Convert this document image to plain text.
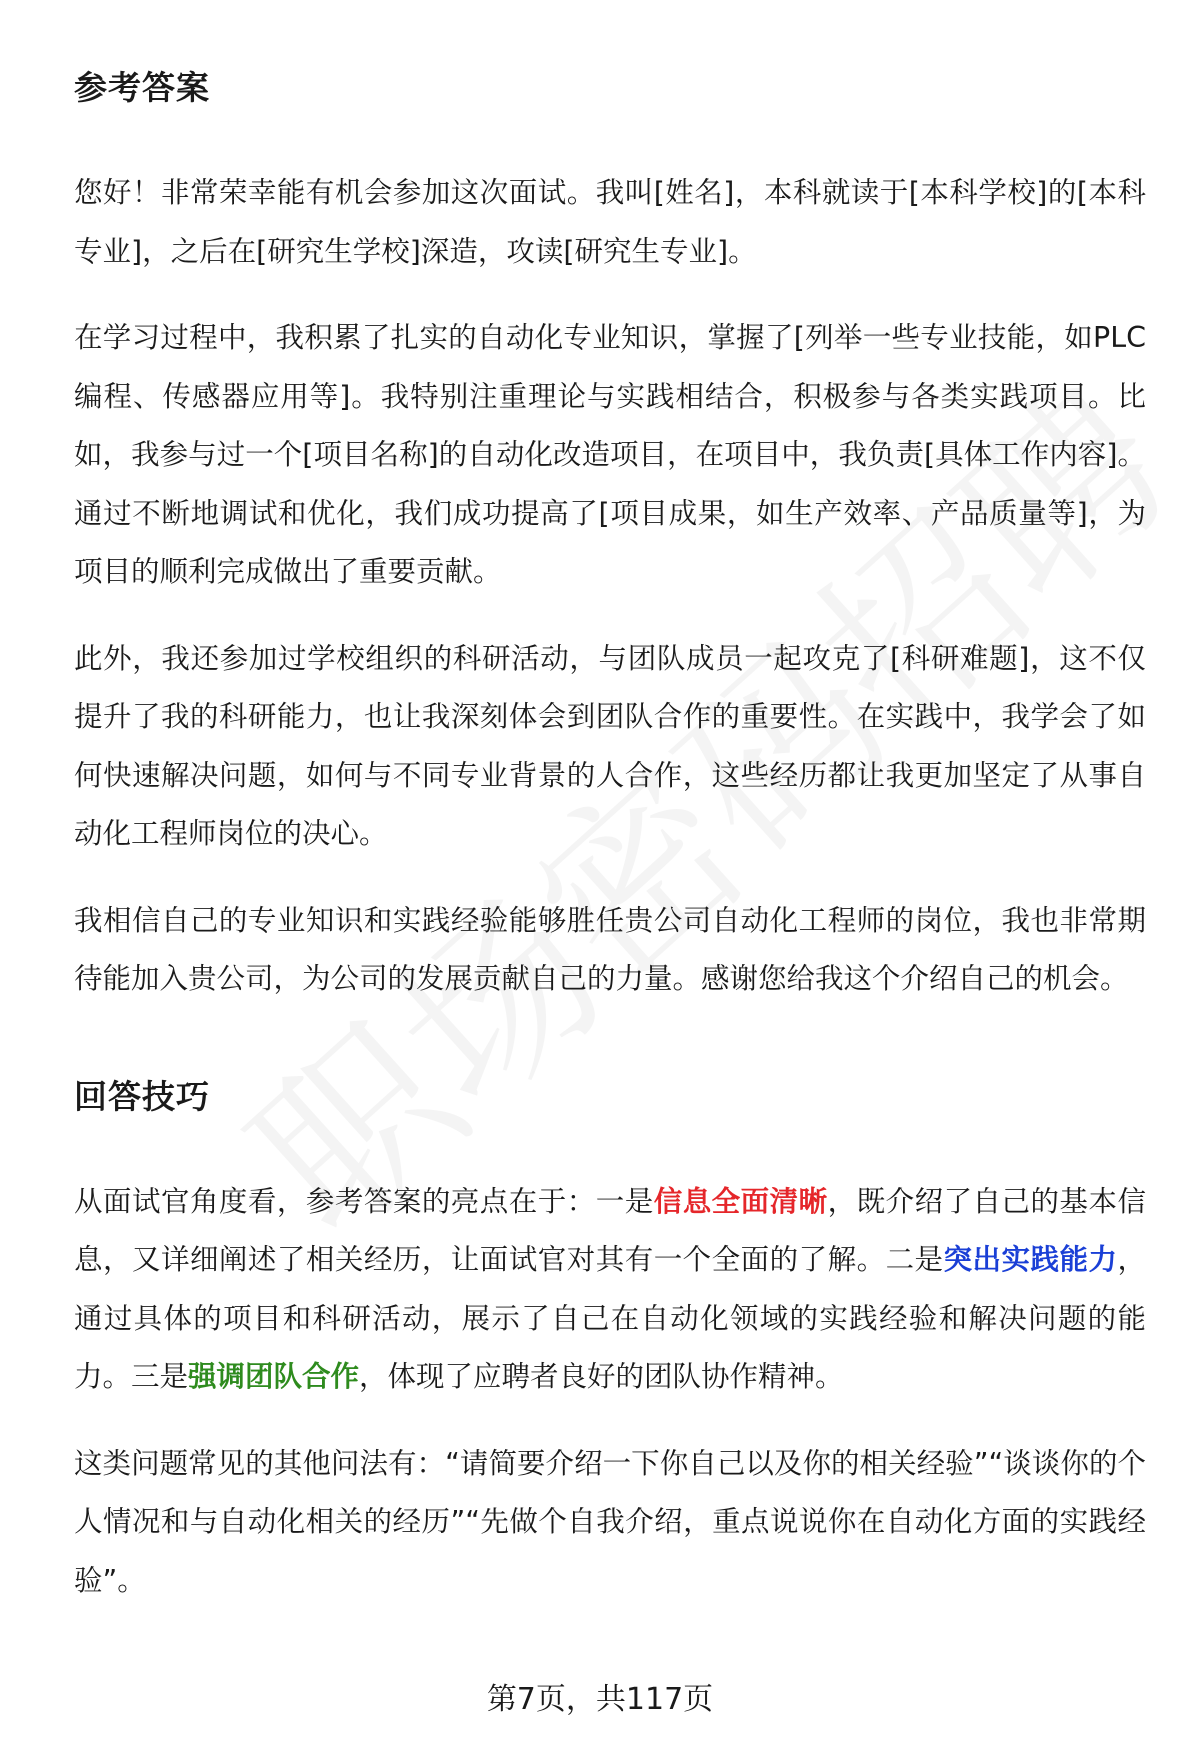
参考答案

您好！非常荣幸能有机会参加这次面试。我叫[姓名]，本科就读于[本科学校]的[本科专业]，之后在[研究生学校]深造，攻读[研究生专业]。

在学习过程中，我积累了扎实的自动化专业知识，掌握了[列举一些专业技能，如PLC编程、传感器应用等]。我特别注重理论与实践相结合，积极参与各类实践项目。比如，我参与过一个[项目名称]的自动化改造项目，在项目中，我负责[具体工作内容]。通过不断地调试和优化，我们成功提高了[项目成果，如生产效率、产品质量等]，为项目的顺利完成做出了重要贡献。

此外，我还参加过学校组织的科研活动，与团队成员一起攻克了[科研难题]，这不仅提升了我的科研能力，也让我深刻体会到团队合作的重要性。在实践中，我学会了如何快速解决问题，如何与不同专业背景的人合作，这些经历都让我更加坚定了从事自动化工程师岗位的决心。

我相信自己的专业知识和实践经验能够胜任贵公司自动化工程师的岗位，我也非常期待能加入贵公司，为公司的发展贡献自己的力量。感谢您给我这个介绍自己的机会。

回答技巧

从面试官角度看，参考答案的亮点在于：一是信息全面清晰，既介绍了自己的基本信息，又详细阐述了相关经历，让面试官对其有一个全面的了解。二是突出实践能力，通过具体的项目和科研活动，展示了自己在自动化领域的实践经验和解决问题的能力。三是强调团队合作，体现了应聘者良好的团队协作精神。

这类问题常见的其他问法有：“请简要介绍一下你自己以及你的相关经验”“谈谈你的个人情况和与自动化相关的经历”“先做个自我介绍，重点说说你在自动化方面的实践经验”。

第7页，共117页
